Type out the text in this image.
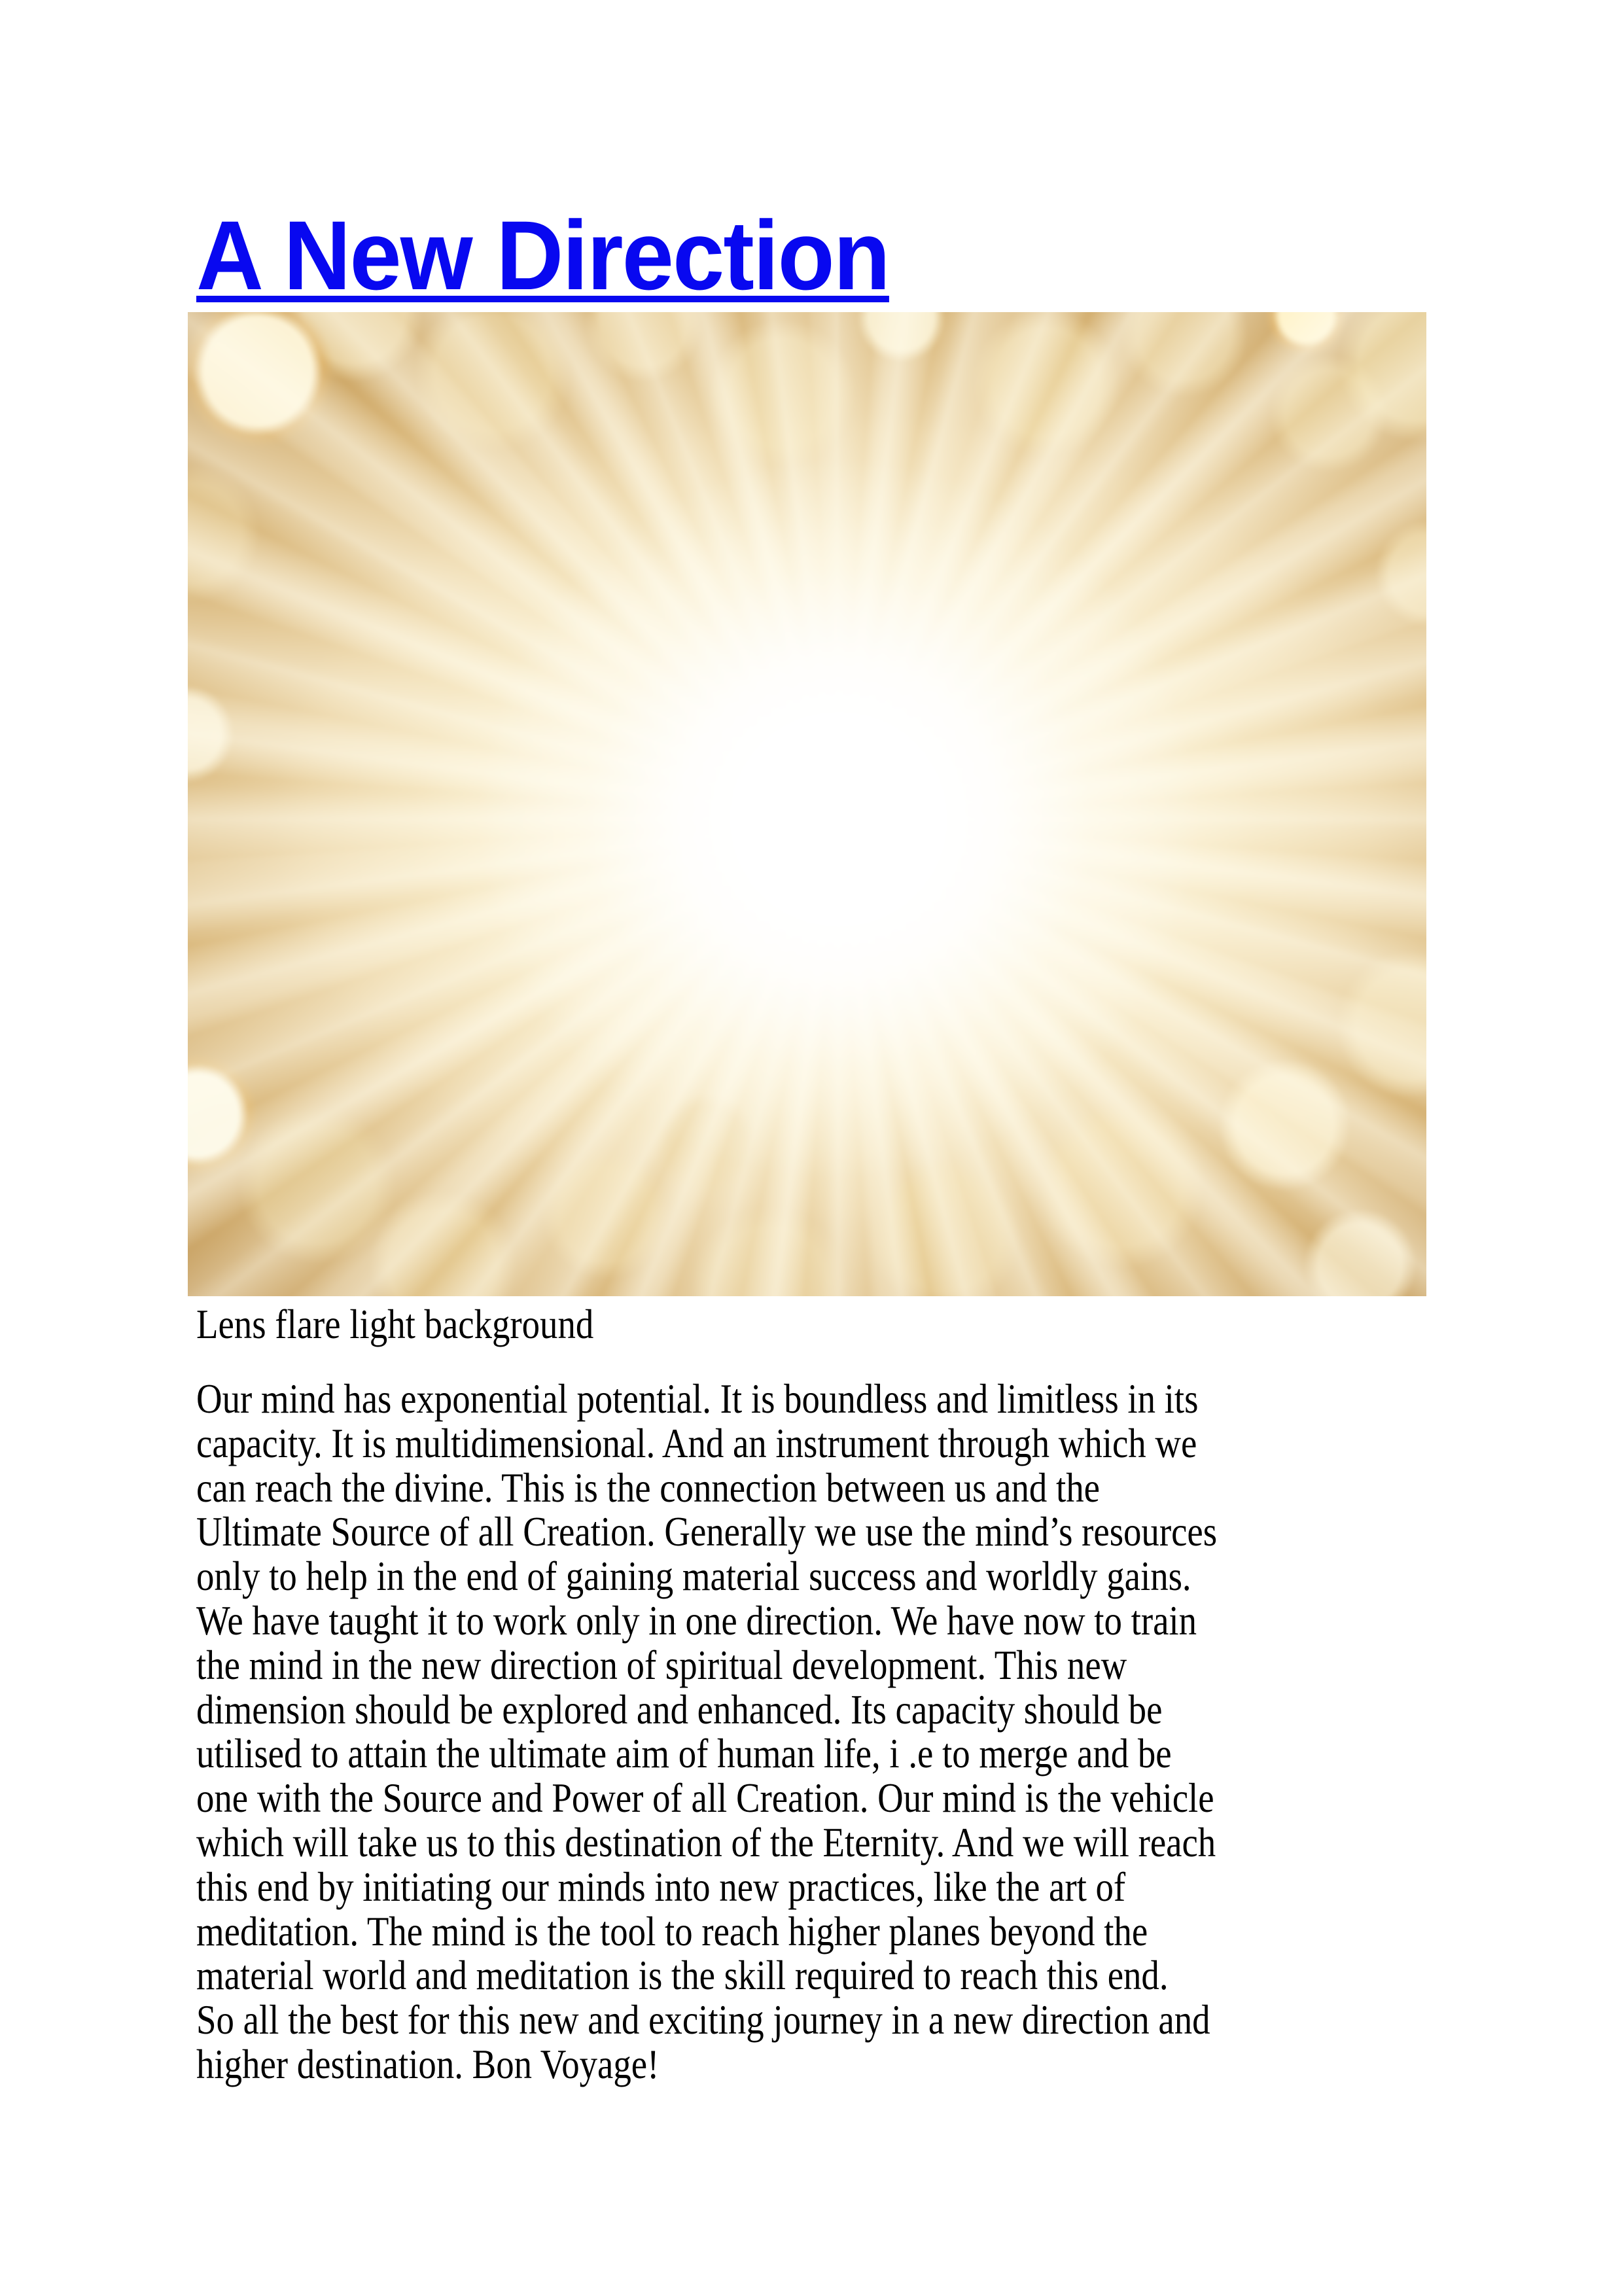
A New Direction

Lens flare light background

Our mind has exponential potential. It is boundless and limitless in its
capacity. It is multidimensional. And an instrument through which we
can reach the divine. This is the connection between us and the
Ultimate Source of all Creation. Generally we use the mind’s resources
only to help in the end of gaining material success and worldly gains.
We have taught it to work only in one direction. We have now to train
the mind in the new direction of spiritual development. This new
dimension should be explored and enhanced. Its capacity should be
utilised to attain the ultimate aim of human life, i .e to merge and be
one with the Source and Power of all Creation. Our mind is the vehicle
which will take us to this destination of the Eternity. And we will reach
this end by initiating our minds into new practices, like the art of
meditation. The mind is the tool to reach higher planes beyond the
material world and meditation is the skill required to reach this end.
So all the best for this new and exciting journey in a new direction and
higher destination. Bon Voyage!
